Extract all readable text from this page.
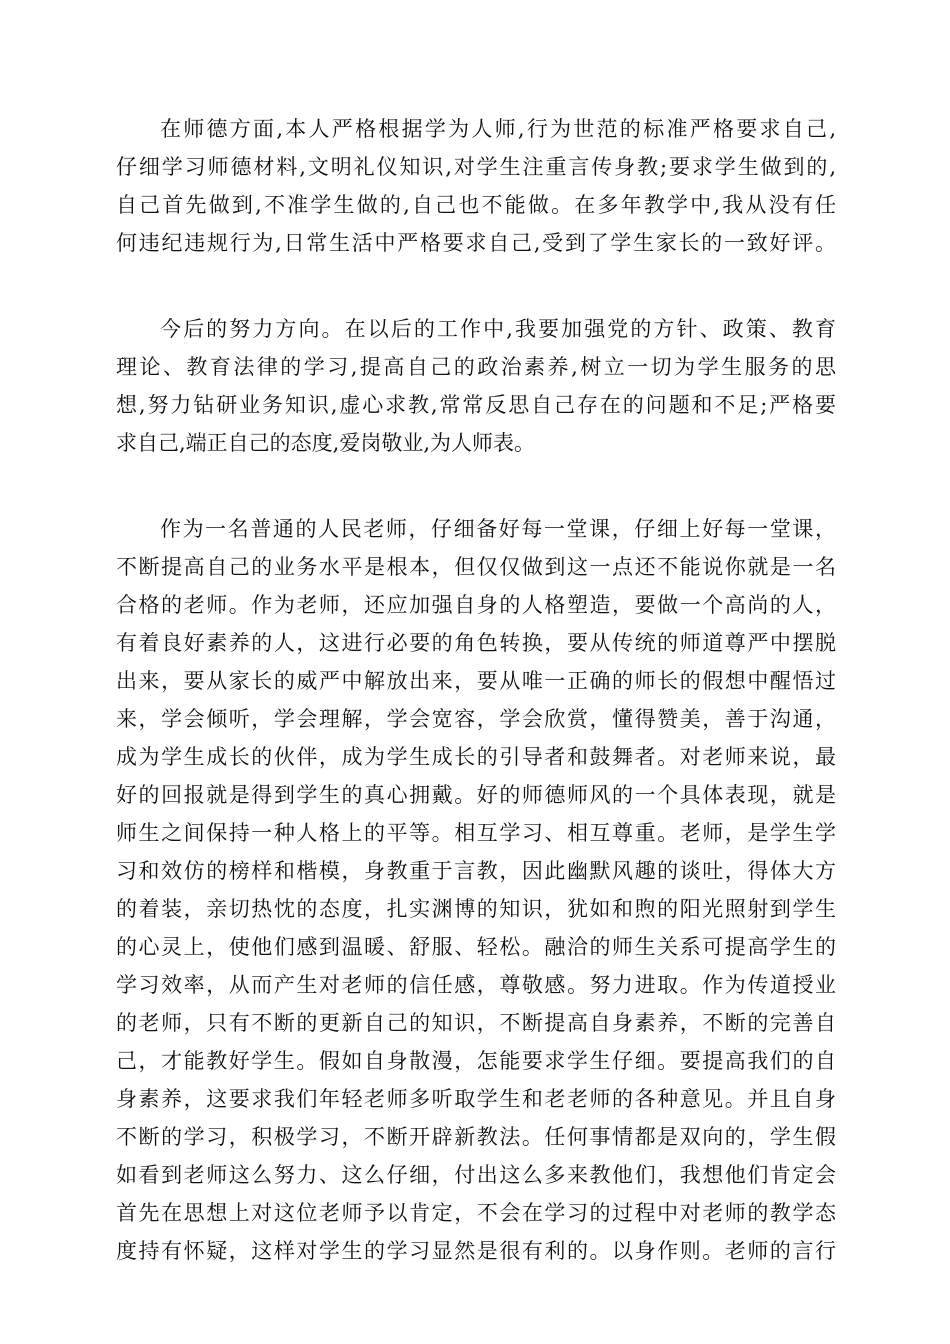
在师德方面,本人严格根据学为人师,行为世范的标准严格要求自己,
仔细学习师德材料,文明礼仪知识,对学生注重言传身教;要求学生做到的,
自己首先做到,不准学生做的,自己也不能做。在多年教学中,我从没有任
何违纪违规行为,日常生活中严格要求自己,受到了学生家长的一致好评。
今后的努力方向。在以后的工作中,我要加强党的方针、政策、教育
理论、教育法律的学习,提高自己的政治素养,树立一切为学生服务的思
想,努力钻研业务知识,虚心求教,常常反思自己存在的问题和不足;严格要
求自己,端正自己的态度,爱岗敬业,为人师表。
作为一名普通的人民老师，仔细备好每一堂课，仔细上好每一堂课，
不断提高自己的业务水平是根本，但仅仅做到这一点还不能说你就是一名
合格的老师。作为老师，还应加强自身的人格塑造，要做一个高尚的人，
有着良好素养的人，这进行必要的角色转换，要从传统的师道尊严中摆脱
出来，要从家长的威严中解放出来，要从唯一正确的师长的假想中醒悟过
来，学会倾听，学会理解，学会宽容，学会欣赏，懂得赞美，善于沟通，
成为学生成长的伙伴，成为学生成长的引导者和鼓舞者。对老师来说，最
好的回报就是得到学生的真心拥戴。好的师德师风的一个具体表现，就是
师生之间保持一种人格上的平等。相互学习、相互尊重。老师，是学生学
习和效仿的榜样和楷模，身教重于言教，因此幽默风趣的谈吐，得体大方
的着装，亲切热忱的态度，扎实渊博的知识，犹如和煦的阳光照射到学生
的心灵上，使他们感到温暖、舒服、轻松。融洽的师生关系可提高学生的
学习效率，从而产生对老师的信任感，尊敬感。努力进取。作为传道授业
的老师，只有不断的更新自己的知识，不断提高自身素养，不断的完善自
己，才能教好学生。假如自身散漫，怎能要求学生仔细。要提高我们的自
身素养，这要求我们年轻老师多听取学生和老老师的各种意见。并且自身
不断的学习，积极学习，不断开辟新教法。任何事情都是双向的，学生假
如看到老师这么努力、这么仔细，付出这么多来教他们，我想他们肯定会
首先在思想上对这位老师予以肯定，不会在学习的过程中对老师的教学态
度持有怀疑，这样对学生的学习显然是很有利的。以身作则。老师的言行
